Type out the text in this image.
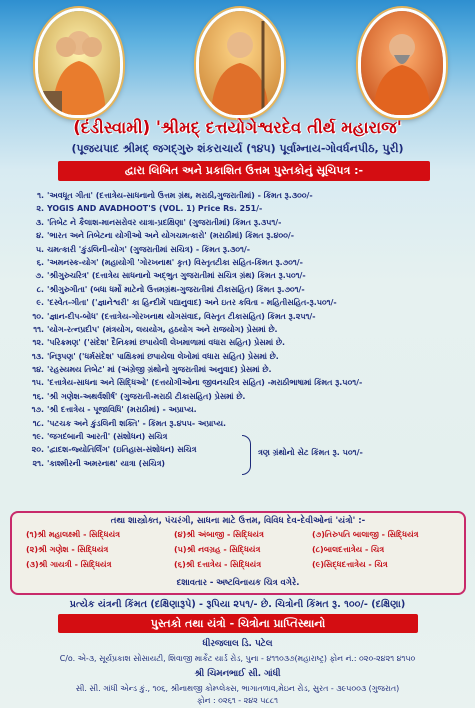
(દંડીસ્વામી) 'શ્રીમદ્ દત્તયોગેશ્વરદેવ તીર્થ મહારાજ'
(પૂજયપાદ શ્રીમદ્ જગદ્ગુરુ શંકરાચાર્ય (૧૪૫) પૂર્વામ્નાય-ગોવર્ધનપીઠ, પુરી)
દ્વારા લિખિત અને પ્રકાશિત ઉત્તમ પુસ્તકોનું સૂચિપત્ર :-
૧. 'અવધૂત ગીતા' (દત્તાત્રેય-સાધનાનો ઉત્તમ ગ્રંથ, મરાઠી,ગુજરાતીમાં) - કિંમત રૂ.૩૦૦/-
૨. YOGIS AND AVADHOOT'S (VOL. 1) Price Rs. 251/-
૩. 'તિબેટ ને કૈલાશ-માનસરોવર યાત્રા-પ્રદક્ષિણા' (ગુજરાતીમાં) કિંમત રૂ.૩૫૧/-
૪. 'ભારત અને તિબેટના યોગીઓ અને યોગચમત્કારો' (મરાઠીમાં) કિંમત રૂ.૪૦૦/-
૫. ચમત્કારી 'કુંડલિની-યોગ' (ગુજરાતીમાં સચિત્ર) - કિંમત રૂ.૩૦૧/-
૬. 'અમનસ્ક-યોગ' (મહાયોગી 'ગોરખનાથ' કૃત) વિસ્તૃતટીકા સહિત-કિંમત રૂ.૭૦૧/-
૭. 'શ્રીગુરુચરિત્ર' (દત્તાત્રેય સાધનાનો અદ્ભુત ગુજરાતીમાં સચિત્ર ગ્રંથ) કિંમત રૂ.૫૦૧/-
૮. 'શ્રીગુરુગીતા' (બધા ધર્મો માટેનો ઉત્તમગ્રંથ-ગુજરાતીમાં ટીકાસહિત) કિંમત રૂ.૭૦૧/-
૯. 'દસ્વેત-ગીતા' ('જ્ઞાનેશ્વરી' કા હિન્દીમેં પદ્યાનુવાદ) અને ઇતર કવિતા - મહિતીસહિત-રૂ.૫૦૧/-
૧૦. 'જ્ઞાન-દીપ-બોધ' (દત્તાત્રેય-ગોરખનાથ યોગસંવાદ, વિસ્તૃત ટીકાસહિત) કિંમત રૂ.૨૫૧/-
૧૧. 'યોગ-રત્નપ્રદીપ' (મંત્રયોગ, લયયોગ, હઠયોગ અને રાજયોગ) પ્રેસમાં છે.
૧૨. 'પરિક્રમણ' ('સંદેશ' દૈનિકમાં છપાયેલી લેખમાળામાં વધારા સહિત) પ્રેસમાં છે.
૧૩. 'નિરૂપણ' ('ધર્મસંદેશ' પાક્ષિકમાં છપાયેલા લેખોમાં વધારા સહિત) પ્રેસમાં છે.
૧૪. 'રહસ્યમય તિબેટ' માં (અંગ્રેજી ગ્રંથોનો ગુજરાતીમાં અનુવાદ) પ્રેસમાં છે.
૧૫. 'દત્તાત્રેય-સાધના અને સિદ્ધિઓ' (દત્તયોગીઓના જીવનચરિત્ર સહિત) -મરાઠીભાષામાં કિંમત રૂ.૫૦૧/-
૧૬. 'શ્રી ગણેશ-અથર્વશીર્ષ' (ગુજરાતી-મરાઠી ટીકાસહિત) પ્રેસમાં છે.
૧૭. 'શ્રી દત્તાત્રેય - પૂજાવિધિ' (મરાઠીમાં) - અપ્રાપ્ય.
૧૮. 'પટચક અને કુંડલિની શક્તિ' - કિંમત રૂ.૪૫૫- અપ્રાપ્ય.
૧૯. 'જગદંબાની આરતી' (સંશોધન) સચિત્ર
૨૦. 'દ્વાદશ-જ્યોતિર્લિંગ' (ઇતિહાસ-સંશોધન) સચિત્ર
૨૧. 'કાશ્મીરની અમરનાથ' યાત્રા (સચિત્ર)
ત્રણ ગ્રંથોનો સેટ કિંમત રૂ. ૫૦૧/-
તથા શાસ્ત્રોક્ત, પંચરંગી, સાધના માટે ઉત્તમ, વિવિધ દેવ-દેવીઓનાં 'યંત્રો' :-
(૧)શ્રી મહાલક્ષ્મી - સિદ્ધિયંત્ર	(૪)શ્રી અંબાજી - સિદ્ધિયંત્ર	(૭)તિરુપતિ બાલાજી - સિદ્ધિયંત્ર
(૨)શ્રી ગણેશ - સિદ્ધિયંત્ર	(૫)શ્રી નવગ્રહ - સિદ્ધિયંત્ર	(૮)બાલદત્તાત્રેય - ચિત્ર
(૩)શ્રી ગાયત્રી - સિદ્ધિયંત્ર	(૬)શ્રી દત્તાત્રેય - સિદ્ધિયંત્ર	(૯)સિદ્ધદત્તાત્રેય - ચિત્ર
દશાવતાર - અષ્ટવિનાયક ચિત્ર વગેરે.
પ્રત્યેક યંત્રની કિંમત (દક્ષિણારૂપે) - રૂપિયા ૨૫૧/- છે. ચિત્રોની કિંમત રૂ. ૧૦૦/- (દક્ષિણા)
પુસ્તકો તથા યંત્રો - ચિત્રોના પ્રાપ્તિસ્થાનો
ધીરજલાલ ડિ. પટેલ
C/o. એ-૩, સૂર્યપ્રકાશ સોસાયટી, શિવાજી માર્કેટ યાર્ડ રોડ, પુના - ૪૧૧૦૩૭(મહારાષ્ટ્ર) ફોન નં.: ૦૨૦-૨૪૨૧ ૪૧૫૦
શ્રી ચિમનભાઈ સી. ગાંધી
સી. સી. ગાંધી એન્ડ કું., ૧૦૬, શ્રીનાથજી કોમ્પ્લેક્સ, ભાગાતળાવ,મેઇન રોડ, સુરત - ૩૯૫૦૦૩ (ગુજરાત)
ફોન : ૦૨૬૧ - ૨૪૨ ૫૮૮૧
